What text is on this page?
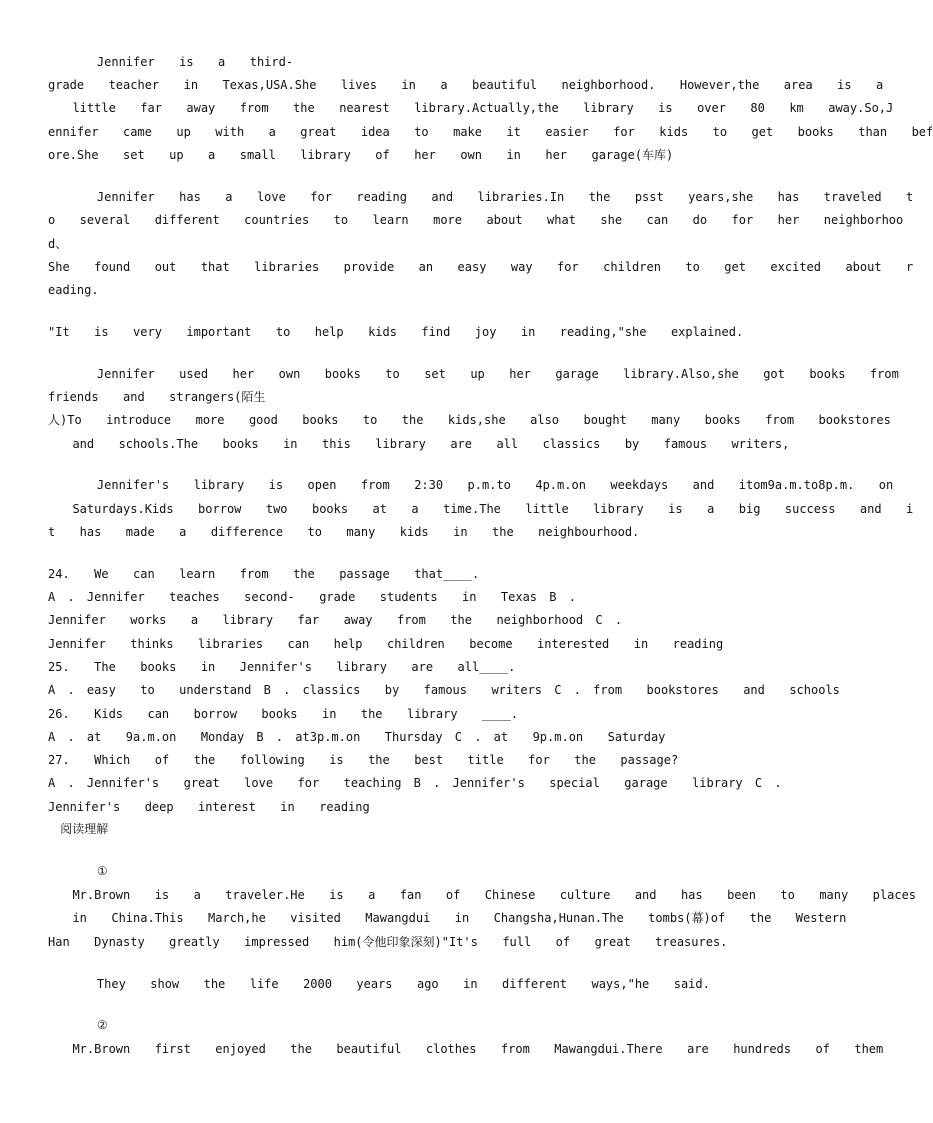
Jennifer  is  a  third-
grade  teacher  in  Texas,USA.She  lives  in  a  beautiful  neighborhood.  However,the  area  is  a
little  far  away  from  the  nearest  library.Actually,the  library  is  over  80  km  away.So,J
ennifer  came  up  with  a  great  idea  to  make  it  easier  for  kids  to  get  books  than  bef
ore.She  set  up  a  small  library  of  her  own  in  her  garage(车库)
Jennifer  has  a  love  for  reading  and  libraries.In  the  psst  years,she  has  traveled  t
o  several  different  countries  to  learn  more  about  what  she  can  do  for  her  neighborhoo
d、
She  found  out  that  libraries  provide  an  easy  way  for  children  to  get  excited  about  r
eading.
"It  is  very  important  to  help  kids  find  joy  in  reading,"she  explained.
Jennifer  used  her  own  books  to  set  up  her  garage  library.Also,she  got  books  from
friends  and  strangers(陌生
人)To  introduce  more  good  books  to  the  kids,she  also  bought  many  books  from  bookstores
and  schools.The  books  in  this  library  are  all  classics  by  famous  writers,
Jennifer's  library  is  open  from  2:30  p.m.to  4p.m.on  weekdays  and  itom9a.m.to8p.m.  on
Saturdays.Kids  borrow  two  books  at  a  time.The  little  library  is  a  big  success  and  i
t  has  made  a  difference  to  many  kids  in  the  neighbourhood.
24.  We  can  learn  from  the  passage  that____.
A . Jennifer  teaches  second-  grade  students  in  Texas B .
Jennifer  works  a  library  far  away  from  the  neighborhood C .
Jennifer  thinks  libraries  can  help  children  become  interested  in  reading
25.  The  books  in  Jennifer's  library  are  all____.
A . easy  to  understand B . classics  by  famous  writers C . from  bookstores  and  schools
26.  Kids  can  borrow  books  in  the  library  ____.
A . at  9a.m.on  Monday B . at3p.m.on  Thursday C . at  9p.m.on  Saturday
27.  Which  of  the  following  is  the  best  title  for  the  passage?
A . Jennifer's  great  love  for  teaching B . Jennifer's  special  garage  library C .
Jennifer's  deep  interest  in  reading
阅读理解
①
Mr.Brown  is  a  traveler.He  is  a  fan  of  Chinese  culture  and  has  been  to  many  places
in  China.This  March,he  visited  Mawangdui  in  Changsha,Hunan.The  tombs(幕)of  the  Western
Han  Dynasty  greatly  impressed  him(令他印象深刻)"It's  full  of  great  treasures.
They  show  the  life  2000  years  ago  in  different  ways,"he  said.
②
Mr.Brown  first  enjoyed  the  beautiful  clothes  from  Mawangdui.There  are  hundreds  of  them
